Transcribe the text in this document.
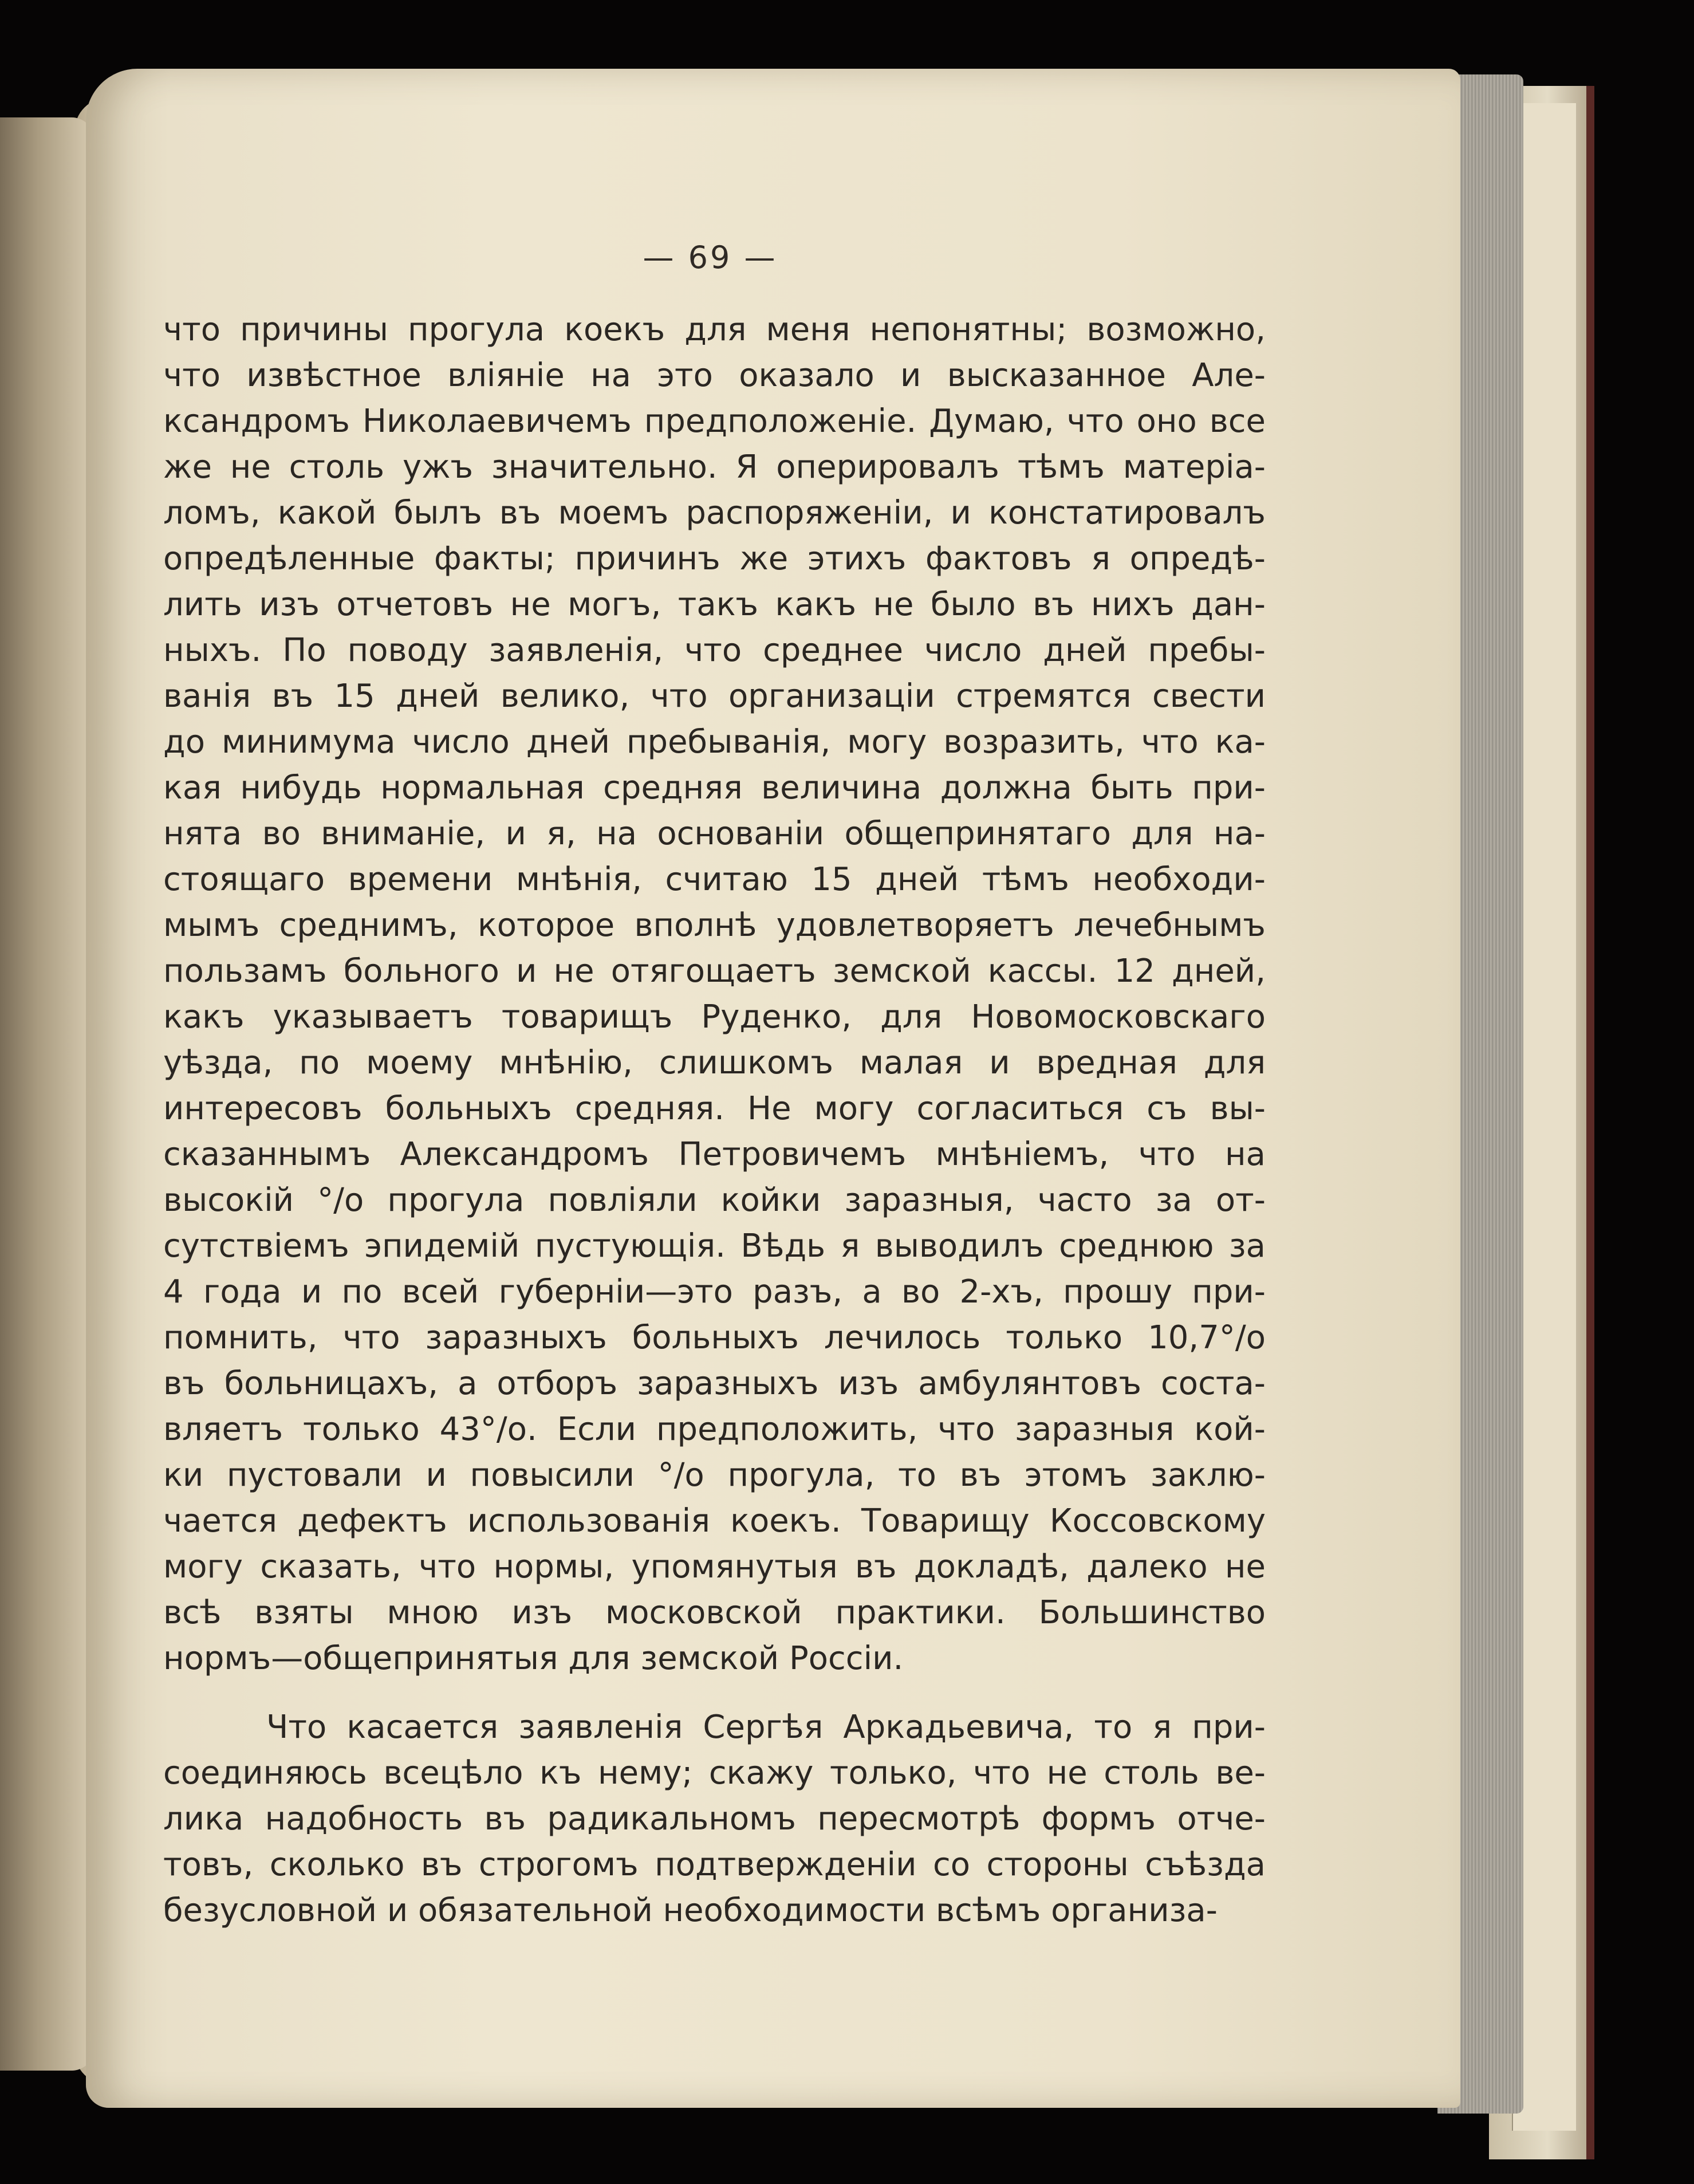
— 69 —
что причины прогула коекъ для меня непонятны; возможно,
что извѣстное вліяніе на это оказало и высказанное Але-
ксандромъ Николаевичемъ предположеніе. Думаю, что оно все
же не столь ужъ значительно. Я оперировалъ тѣмъ матеріа-
ломъ, какой былъ въ моемъ распоряженіи, и констатировалъ
опредѣленные факты; причинъ же этихъ фактовъ я опредѣ-
лить изъ отчетовъ не могъ, такъ какъ не было въ нихъ дан-
ныхъ. По поводу заявленія, что среднее число дней пребы-
ванія въ 15 дней велико, что организаціи стремятся свести
до минимума число дней пребыванія, могу возразить, что ка-
кая нибудь нормальная средняя величина должна быть при-
нята во вниманіе, и я, на основаніи общепринятаго для на-
стоящаго времени мнѣнія, считаю 15 дней тѣмъ необходи-
мымъ среднимъ, которое вполнѣ удовлетворяетъ лечебнымъ
пользамъ больного и не отягощаетъ земской кассы. 12 дней,
какъ указываетъ товарищъ Руденко, для Новомосковскаго
уѣзда, по моему мнѣнію, слишкомъ малая и вредная для
интересовъ больныхъ средняя. Не могу согласиться съ вы-
сказаннымъ Александромъ Петровичемъ мнѣніемъ, что на
высокій °/о прогула повліяли койки заразныя, часто за от-
сутствіемъ эпидемій пустующія. Вѣдь я выводилъ среднюю за
4 года и по всей губерніи—это разъ, а во 2-хъ, прошу при-
помнить, что заразныхъ больныхъ лечилось только 10,7°/о
въ больницахъ, а отборъ заразныхъ изъ амбулянтовъ соста-
вляетъ только 43°/о. Если предположить, что заразныя кой-
ки пустовали и повысили °/о прогула, то въ этомъ заклю-
чается дефектъ использованія коекъ. Товарищу Коссовскому
могу сказать, что нормы, упомянутыя въ докладѣ, далеко не
всѣ взяты мною изъ московской практики. Большинство
нормъ—общепринятыя для земской Россіи.
Что касается заявленія Сергѣя Аркадьевича, то я при-
соединяюсь всецѣло къ нему; скажу только, что не столь ве-
лика надобность въ радикальномъ пересмотрѣ формъ отче-
товъ, сколько въ строгомъ подтвержденіи со стороны съѣзда
безусловной и обязательной необходимости всѣмъ организа-
